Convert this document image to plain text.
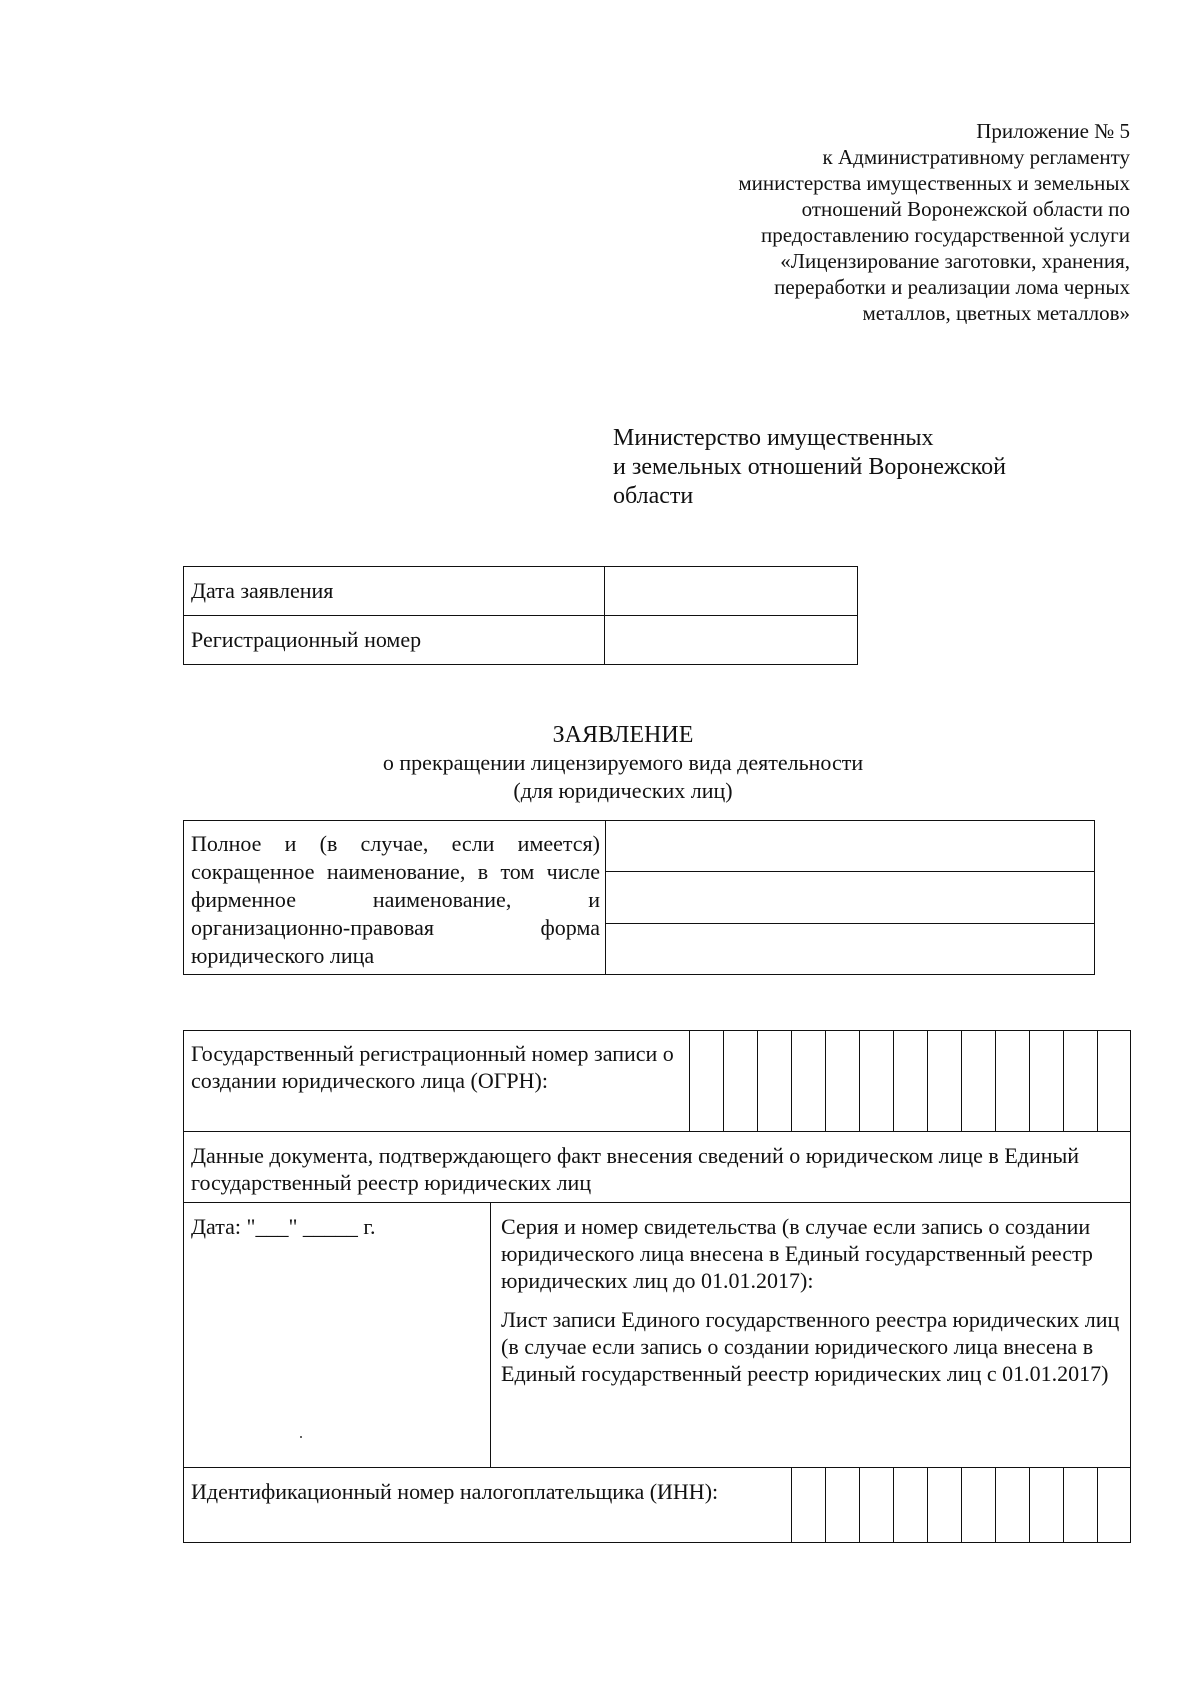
Приложение № 5
к Административному регламенту
министерства имущественных и земельных
отношений Воронежской области по
предоставлению государственной услуги
«Лицензирование заготовки, хранения,
переработки и реализации лома черных
металлов, цветных металлов»
Министерство имущественных
и земельных отношений Воронежской
области
Дата заявления	
Регистрационный номер	
ЗАЯВЛЕНИЕ
о прекращении лицензируемого вида деятельности
(для юридических лиц)
Полное и (в случае, если имеется) сокращенное наименование, в том числе фирменное наименование, и организационно-правовая форма юридического лица	

Государственный регистрационный номер записи о создании юридического лица (ОГРН):														
Данные документа, подтверждающего факт внесения сведений о юридическом лице в Единый государственный реестр юридических лиц														
Дата: "___" _____ г.	Серия и номер свидетельства (в случае если запись о создании юридического лица внесена в Единый государственный реестр юридических лиц до 01.01.2017):

Лист записи Единого государственного реестра юридических лиц (в случае если запись о создании юридического лица внесена в Единый государственный реестр юридических лиц с 01.01.2017)													

Идентификационный номер налогоплательщика (ИНН):														
